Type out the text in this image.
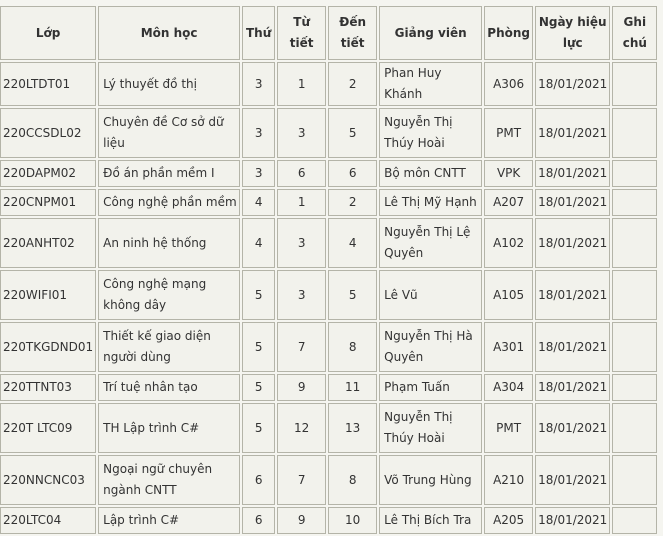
Lớp	Môn học	Thứ	Từ tiết	Đến tiết	Giảng viên	Phòng	Ngày hiệu lực	Ghi chú
220LTDT01	Lý thuyết đồ thị	3	1	2	Phan Huy Khánh	A306	18/01/2021	
220CCSDL02	Chuyên đề Cơ sở dữ liệu	3	3	5	Nguyễn Thị Thúy Hoài	PMT	18/01/2021	
220DAPM02	Đồ án phần mềm I	3	6	6	Bộ môn CNTT	VPK	18/01/2021	
220CNPM01	Công nghệ phần mềm	4	1	2	Lê Thị Mỹ Hạnh	A207	18/01/2021	
220ANHT02	An ninh hệ thống	4	3	4	Nguyễn Thị Lệ Quyên	A102	18/01/2021	
220WIFI01	Công nghệ mạng không dây	5	3	5	Lê Vũ	A105	18/01/2021	
220TKGDND01	Thiết kế giao diện người dùng	5	7	8	Nguyễn Thị Hà Quyên	A301	18/01/2021	
220TTNT03	Trí tuệ nhân tạo	5	9	11	Phạm Tuấn	A304	18/01/2021	
220T LTC09	TH Lập trình C#	5	12	13	Nguyễn Thị Thúy Hoài	PMT	18/01/2021	
220NNCNC03	Ngoại ngữ chuyên ngành CNTT	6	7	8	Võ Trung Hùng	A210	18/01/2021	
220LTC04	Lập trình C#	6	9	10	Lê Thị Bích Tra	A205	18/01/2021	
